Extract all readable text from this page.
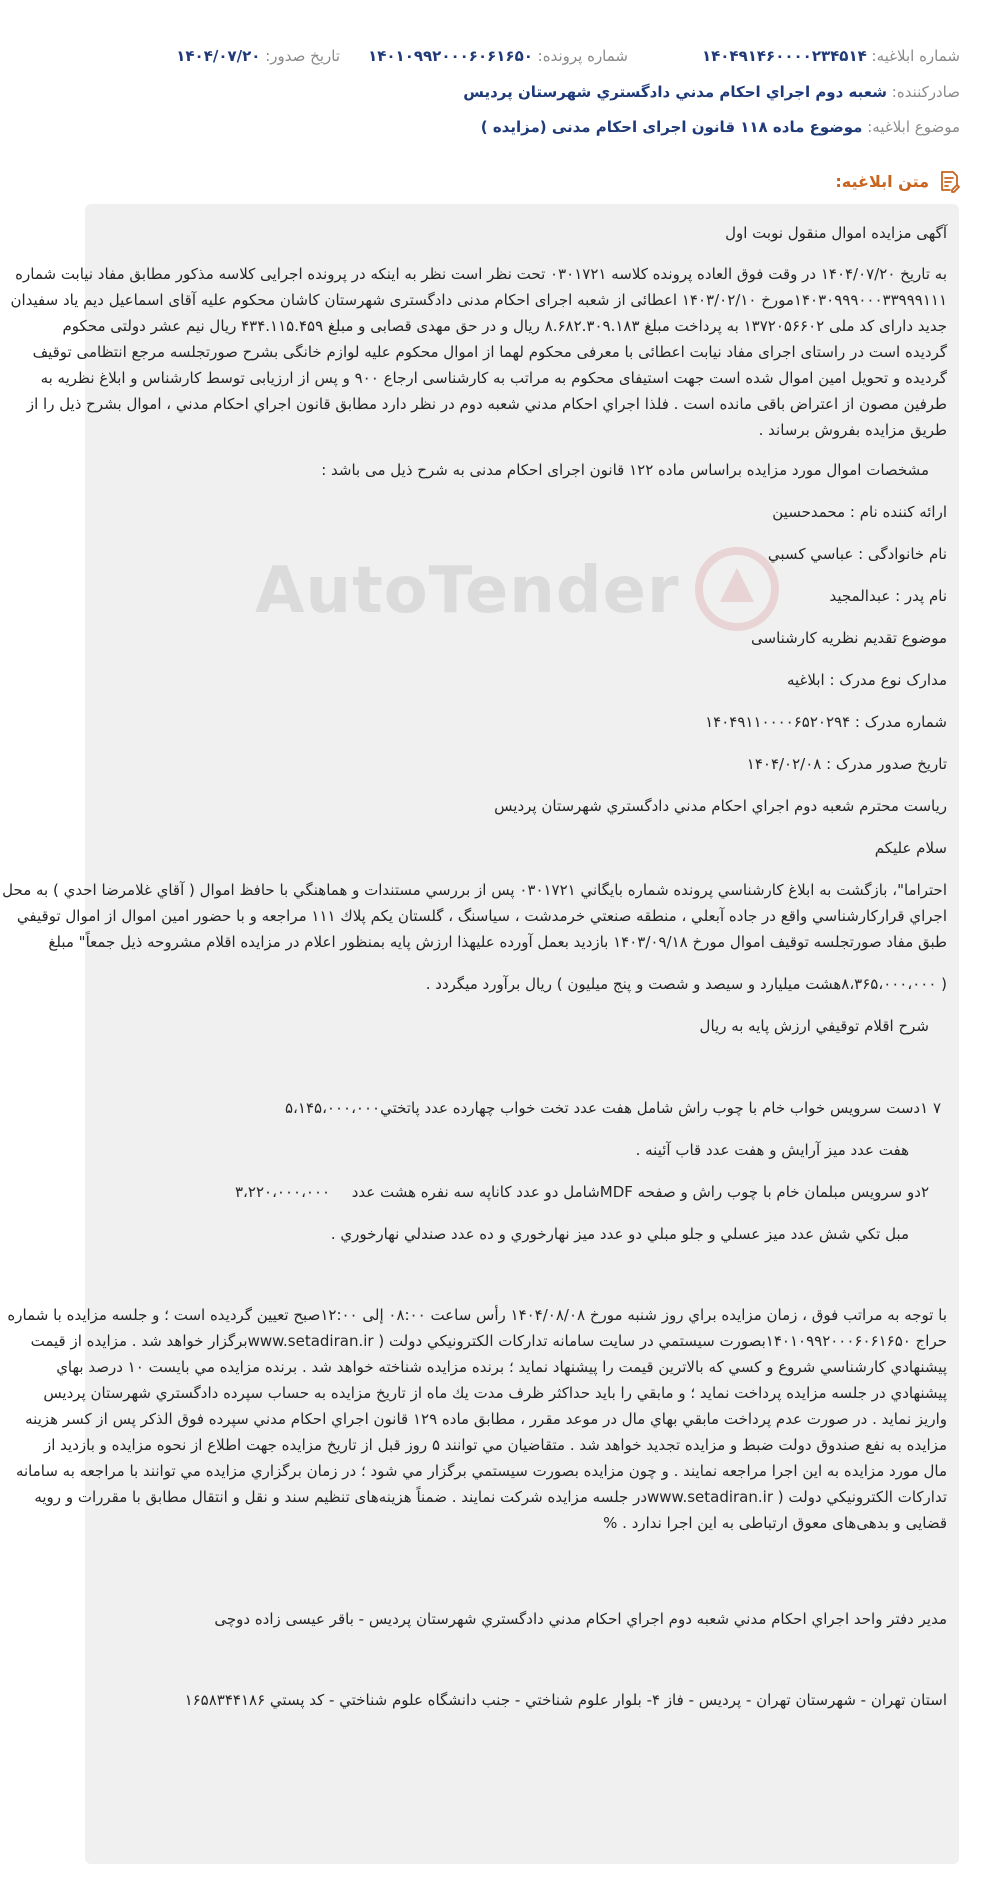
شماره ابلاغیه: ۱۴۰۴۹۱۴۶۰۰۰۰۲۳۴۵۱۴
شماره پرونده: ۱۴۰۱۰۹۹۲۰۰۰۶۰۶۱۶۵۰
تاریخ صدور: ۱۴۰۴/۰۷/۲۰
صادرکننده: شعبه دوم اجراي احكام مدني دادگستري شهرستان پرديس
موضوع ابلاغیه: موضوع ماده ۱۱۸ قانون اجرای احکام مدنی (مزایده )
متن ابلاغیه:
AutoTender
آگهی مزایده اموال منقول نوبت اول
به تاریخ ۱۴۰۴/۰۷/۲۰ در وقت فوق العاده پرونده کلاسه ۰۳۰۱۷۲۱ تحت نظر است نظر به اینکه در پرونده اجرایی کلاسه مذکور مطابق مفاد نیابت شماره
۱۴۰۳۰۹۹۹۰۰۰۳۳۹۹۹۱۱۱مورخ ۱۴۰۳/۰۲/۱۰ اعطائی از شعبه اجرای احکام مدنی دادگستری شهرستان کاشان محکوم علیه آقای اسماعیل دیم یاد سفیدان
جدید دارای کد ملی ۱۳۷۲۰۵۶۶۰۲ به پرداخت مبلغ ۸.۶۸۲.۳۰۹.۱۸۳ ریال و در حق مهدی قصابی و مبلغ ۴۳۴.۱۱۵.۴۵۹ ریال نیم عشر دولتی محکوم
گردیده است در راستای اجرای مفاد نیابت اعطائی با معرفی محکوم لهما از اموال محکوم علیه لوازم خانگی بشرح صورتجلسه مرجع انتظامی توقیف
گردیده و تحویل امین اموال شده است جهت استیفای محکوم به مراتب به کارشناسی ارجاع ۹۰۰ و پس از ارزیابی توسط کارشناس و ابلاغ نظریه به
طرفین مصون از اعتراض باقی مانده است . فلذا اجراي احكام مدني شعبه دوم در نظر دارد مطابق قانون اجراي احكام مدني ، اموال بشرح ذيل را از
طریق مزایده بفروش برساند .
مشخصات اموال مورد مزایده براساس ماده ۱۲۲ قانون اجرای احکام مدنی به شرح ذیل می باشد :
ارائه کننده نام : محمدحسین
نام خانوادگی : عباسي كسبي
نام پدر : عبدالمجید
موضوع تقدیم نظریه کارشناسی
مدارک نوع مدرک : ابلاغیه
شماره مدرک : ۱۴۰۴۹۱۱۰۰۰۰۶۵۲۰۲۹۴
تاریخ صدور مدرک : ۱۴۰۴/۰۲/۰۸
رياست محترم شعبه دوم اجراي احكام مدني دادگستري شهرستان پرديس
سلام علیکم
احتراما"، بازگشت به ابلاغ كارشناسي پرونده شماره بايگاني ۰۳۰۱۷۲۱ پس از بررسي مستندات و هماهنگي با حافظ اموال ( آقاي غلامرضا احدي ) به محل
اجراي قراركارشناسي واقع در جاده آبعلي ، منطقه صنعتي خرمدشت ، سياسنگ ، گلستان يكم پلاك ۱۱۱ مراجعه و با حضور امين اموال از اموال توقيفي
طبق مفاد صورتجلسه توقيف اموال مورخ ۱۴۰۳/۰۹/۱۸ بازديد بعمل آورده عليهذا ارزش پايه بمنظور اعلام در مزايده اقلام مشروحه ذيل جمعاً" مبلغ
( ۸،۳۶۵،۰۰۰،۰۰۰هشت ميليارد و سيصد و شصت و پنج ميليون ) ريال برآورد ميگردد .
شرح اقلام توقيفي ارزش پايه به ريال
۷ ۱دست سرويس خواب خام با چوب راش شامل هفت عدد تخت خواب چهارده عدد پاتختي
۵،۱۴۵،۰۰۰،۰۰۰
هفت عدد ميز آرايش و هفت عدد قاب آئينه .
۲دو سرويس مبلمان خام با چوب راش و صفحه MDFشامل دو عدد كاناپه سه نفره هشت عدد
۳،۲۲۰،۰۰۰،۰۰۰
مبل تكي شش عدد ميز عسلي و جلو مبلي دو عدد ميز نهارخوري و ده عدد صندلي نهارخوري .
با توجه به مراتب فوق ، زمان مزايده براي روز شنبه مورخ ۱۴۰۴/۰۸/۰۸ رأس ساعت ۰۸:۰۰ إلى ۱۲:۰۰صبح تعيين گرديده است ؛ و جلسه مزايده با شماره
حراج ۱۴۰۱۰۹۹۲۰۰۰۶۰۶۱۶۵۰بصورت سيستمي در سايت سامانه تداركات الكترونيكي دولت ( www.setadiran.irبرگزار خواهد شد . مزايده از قيمت
پيشنهادي كارشناسي شروع و كسي كه بالاترين قيمت را پيشنهاد نمايد ؛ برنده مزايده شناخته خواهد شد . برنده مزايده مي بايست ۱۰ درصد بهاي
پيشنهادي در جلسه مزايده پرداخت نمايد ؛ و مابقي را بايد حداكثر ظرف مدت يك ماه از تاريخ مزايده به حساب سپرده دادگستري شهرستان پرديس
واريز نمايد . در صورت عدم پرداخت مابقي بهاي مال در موعد مقرر ، مطابق ماده ۱۲۹ قانون اجراي احكام مدني سپرده فوق الذكر پس از كسر هزينه
مزايده به نفع صندوق دولت ضبط و مزايده تجديد خواهد شد . متقاضيان مي توانند ۵ روز قبل از تاريخ مزايده جهت اطلاع از نحوه مزايده و بازديد از
مال مورد مزايده به اين اجرا مراجعه نمايند . و چون مزايده بصورت سيستمي برگزار مي شود ؛ در زمان برگزاري مزايده مي توانند با مراجعه به سامانه
تداركات الكترونيكي دولت ( www.setadiran.irدر جلسه مزايده شركت نمايند . ضمناً هزینه‌های تنظیم سند و نقل و انتقال مطابق با مقررات و رویه
قضایی و بدهی‌های معوق ارتباطی به این اجرا ندارد . %
مدير دفتر واحد اجراي احكام مدني شعبه دوم اجراي احكام مدني دادگستري شهرستان پرديس - باقر عيسى زاده دوچی
استان تهران - شهرستان تهران - پرديس - فاز ۴- بلوار علوم شناختي - جنب دانشگاه علوم شناختي - كد پستي ۱۶۵۸۳۴۴۱۸۶
